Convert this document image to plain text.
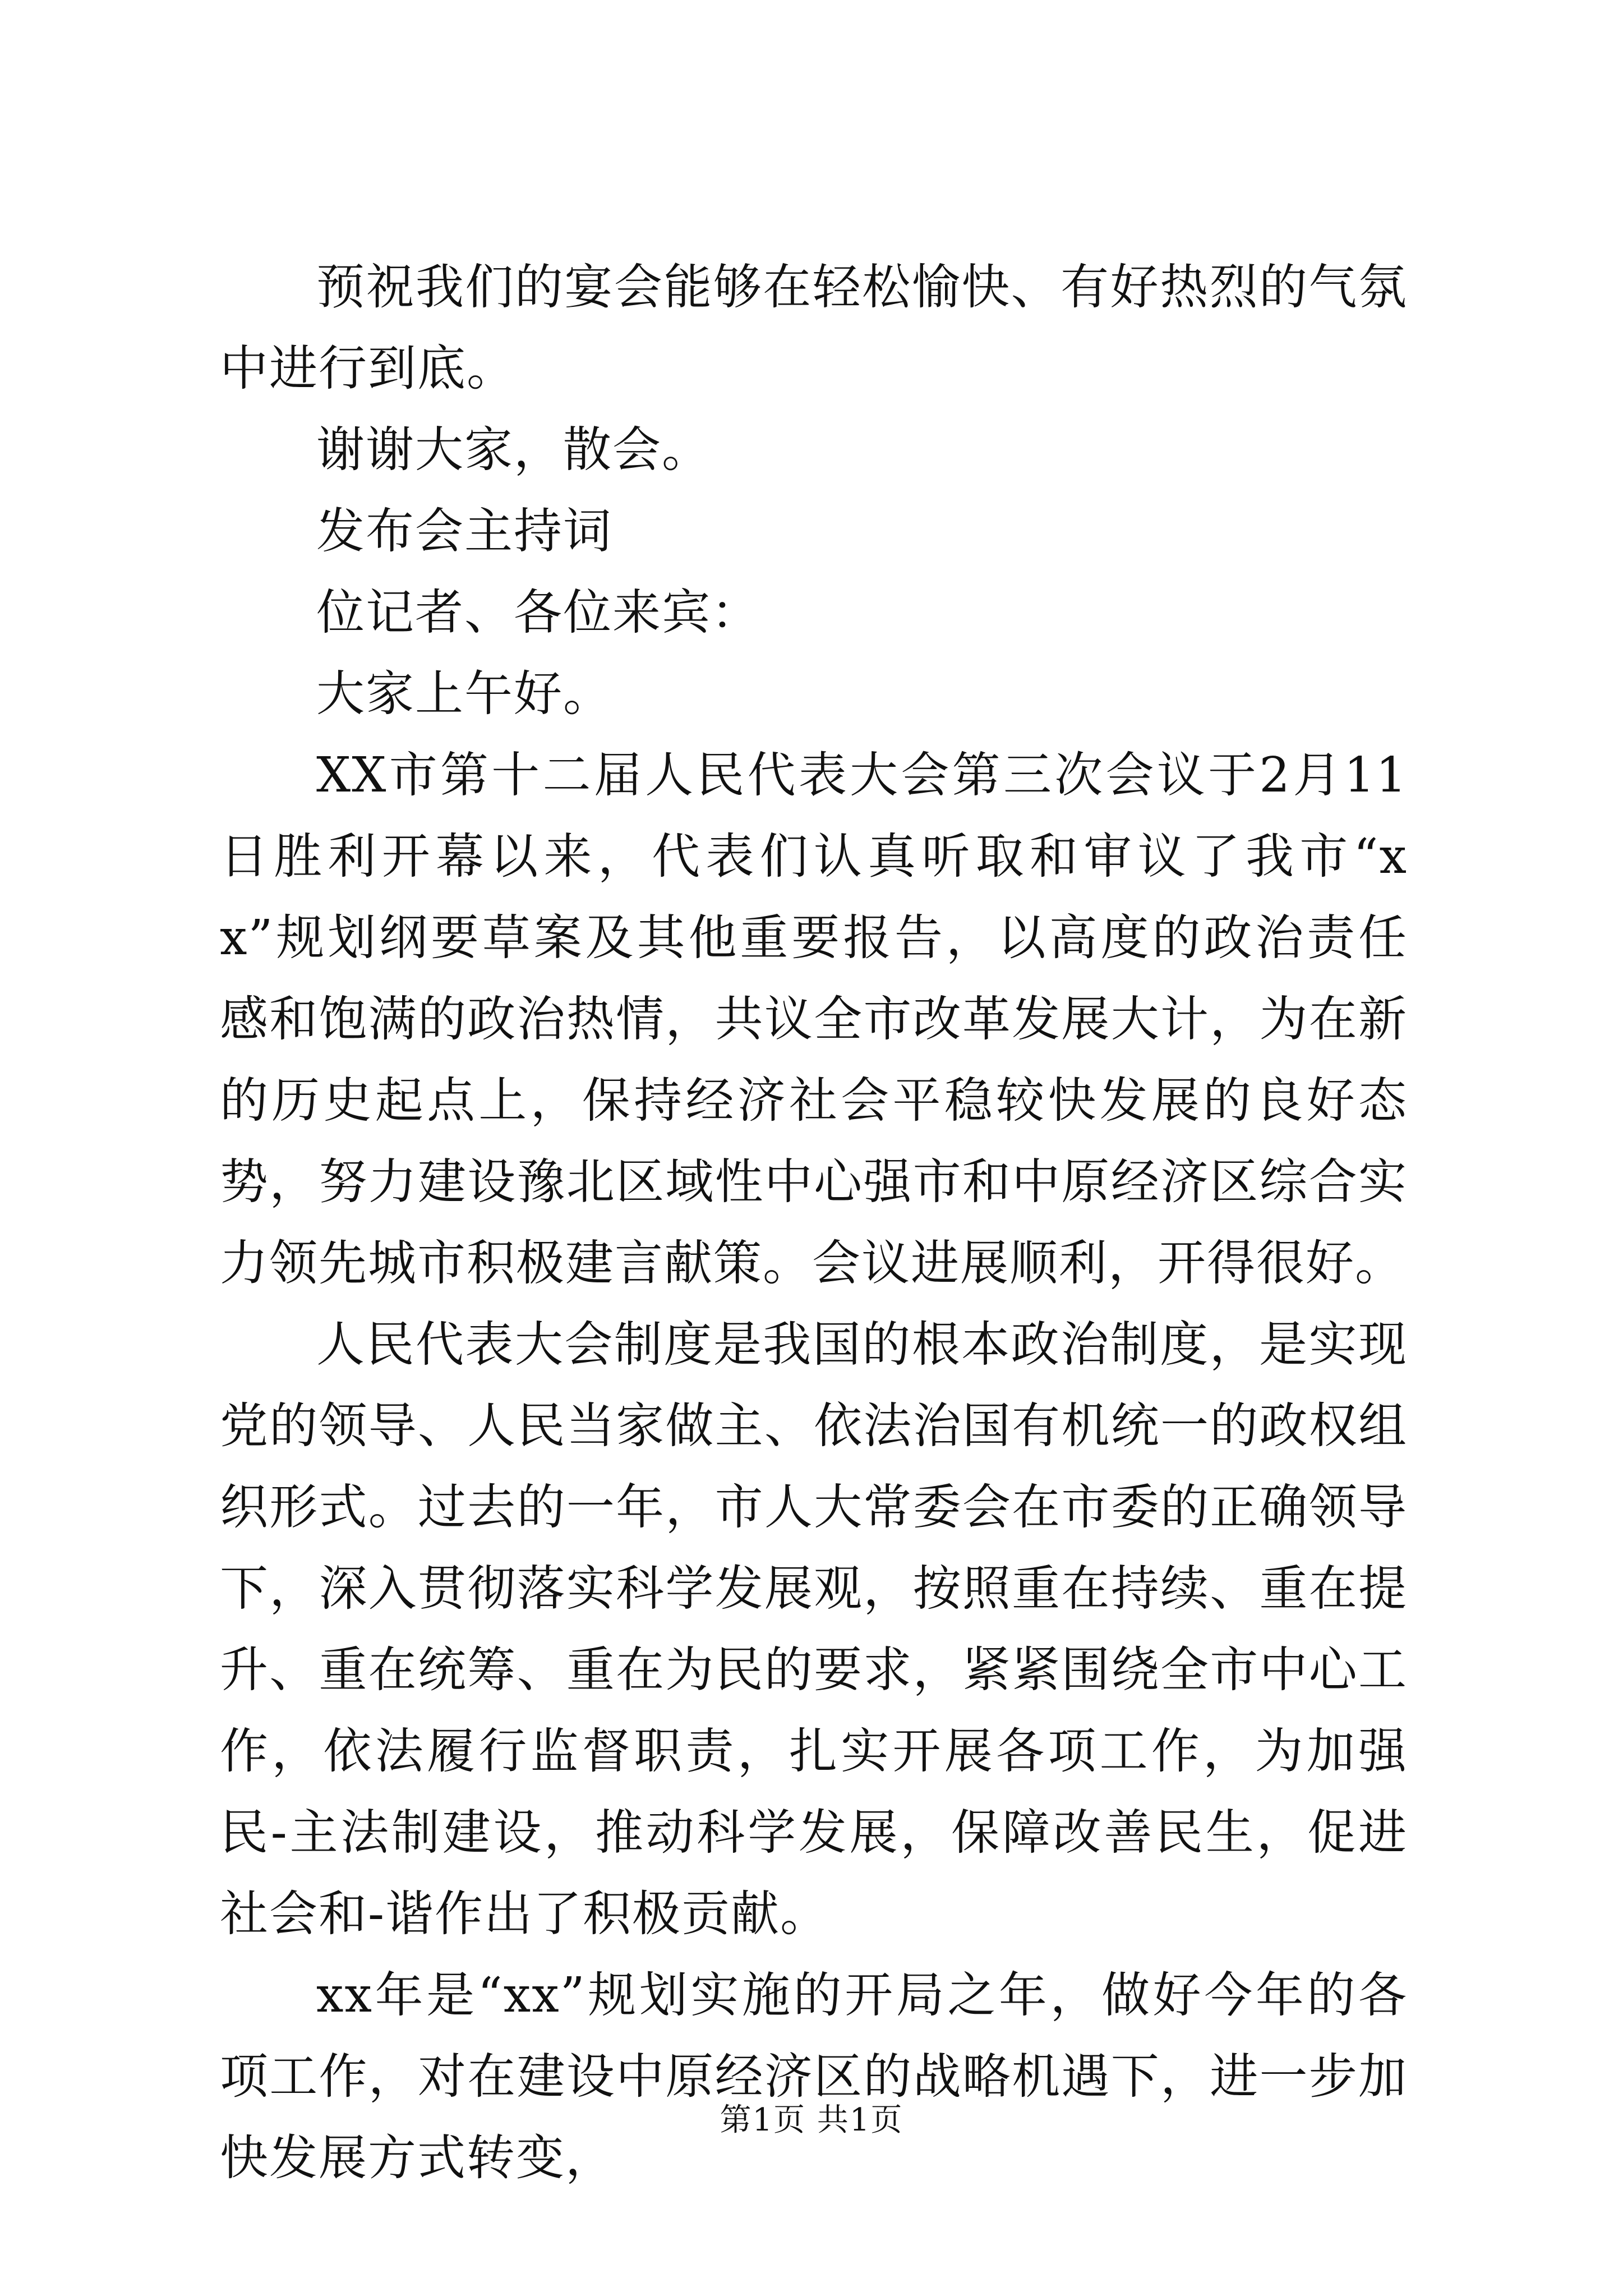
预祝我们的宴会能够在轻松愉快、有好热烈的气氛中进行到底。

谢谢大家，散会。

发布会主持词

位记者、各位来宾：

大家上午好。

XX市第十二届人民代表大会第三次会议于2月11日胜利开幕以来，代表们认真听取和审议了我市“xx”规划纲要草案及其他重要报告，以高度的政治责任感和饱满的政治热情，共议全市改革发展大计，为在新的历史起点上，保持经济社会平稳较快发展的良好态势，努力建设豫北区域性中心强市和中原经济区综合实力领先城市积极建言献策。会议进展顺利，开得很好。

人民代表大会制度是我国的根本政治制度，是实现党的领导、人民当家做主、依法治国有机统一的政权组织形式。过去的一年，市人大常委会在市委的正确领导下，深入贯彻落实科学发展观，按照重在持续、重在提升、重在统筹、重在为民的要求，紧紧围绕全市中心工作，依法履行监督职责，扎实开展各项工作，为加强民-主法制建设，推动科学发展，保障改善民生，促进社会和-谐作出了积极贡献。

xx年是“xx”规划实施的开局之年，做好今年的各项工作，对在建设中原经济区的战略机遇下，进一步加快发展方式转变，

第1页 共1页
